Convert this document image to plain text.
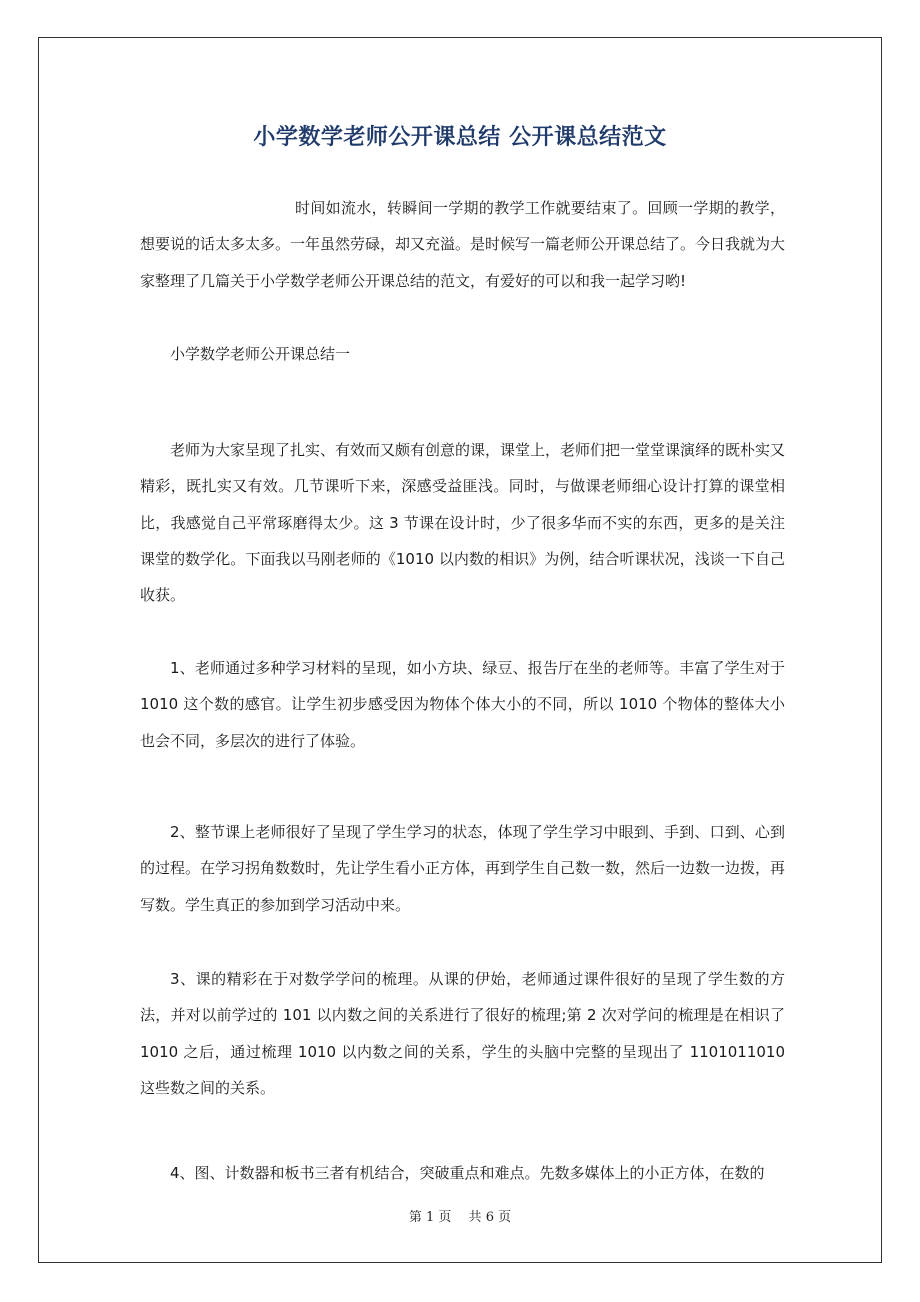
小学数学老师公开课总结 公开课总结范文

时间如流水，转瞬间一学期的教学工作就要结束了。回顾一学期的教学，想要说的话太多太多。一年虽然劳碌，却又充溢。是时候写一篇老师公开课总结了。今日我就为大家整理了几篇关于小学数学老师公开课总结的范文，有爱好的可以和我一起学习哟!

小学数学老师公开课总结一

老师为大家呈现了扎实、有效而又颇有创意的课，课堂上，老师们把一堂堂课演绎的既朴实又精彩，既扎实又有效。几节课听下来，深感受益匪浅。同时，与做课老师细心设计打算的课堂相比，我感觉自己平常琢磨得太少。这 3 节课在设计时，少了很多华而不实的东西，更多的是关注课堂的数学化。下面我以马刚老师的《1010 以内数的相识》为例，结合听课状况，浅谈一下自己收获。

1、老师通过多种学习材料的呈现，如小方块、绿豆、报告厅在坐的老师等。丰富了学生对于 1010 这个数的感官。让学生初步感受因为物体个体大小的不同，所以 1010 个物体的整体大小也会不同，多层次的进行了体验。

2、整节课上老师很好了呈现了学生学习的状态，体现了学生学习中眼到、手到、口到、心到的过程。在学习拐角数数时，先让学生看小正方体，再到学生自己数一数，然后一边数一边拨，再写数。学生真正的参加到学习活动中来。

3、课的精彩在于对数学学问的梳理。从课的伊始，老师通过课件很好的呈现了学生数的方法，并对以前学过的 101 以内数之间的关系进行了很好的梳理;第 2 次对学问的梳理是在相识了 1010 之后，通过梳理 1010 以内数之间的关系，学生的头脑中完整的呈现出了 1101011010 这些数之间的关系。

4、图、计数器和板书三者有机结合，突破重点和难点。先数多媒体上的小正方体，在数的

第 1 页　 共 6 页
